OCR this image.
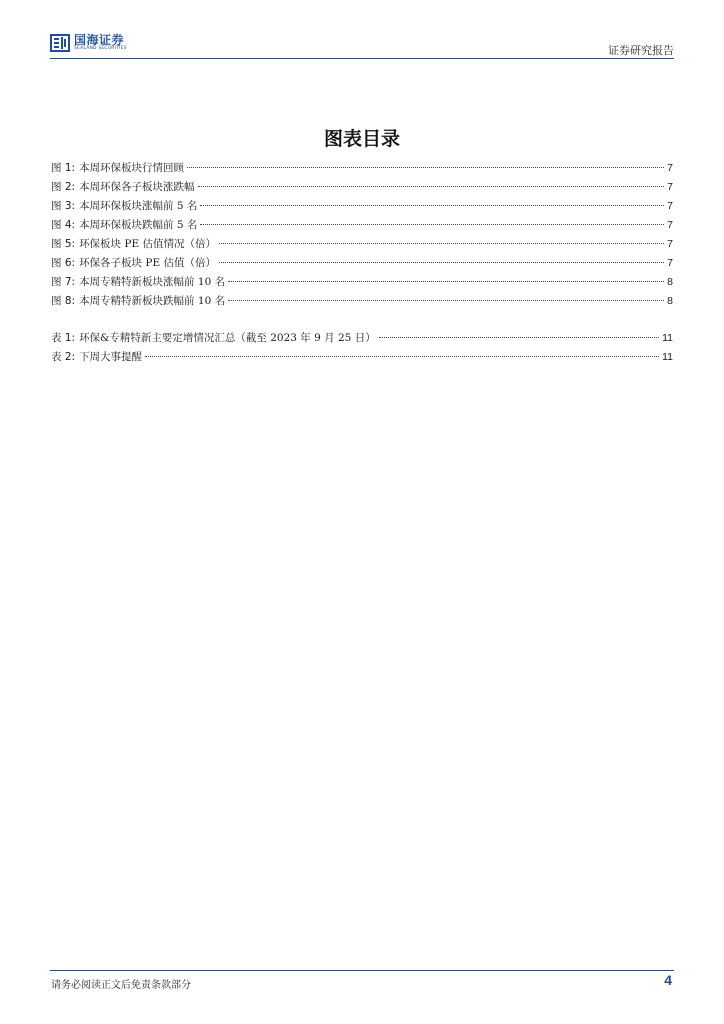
国海证券
SEALAND SECURITIES	证券研究报告
图表目录
图 1: 本周环保板块行情回顾	7
图 2: 本周环保各子板块涨跌幅	7
图 3: 本周环保板块涨幅前 5 名	7
图 4: 本周环保板块跌幅前 5 名	7
图 5: 环保板块 PE 估值情况（倍）	7
图 6: 环保各子板块 PE 估值（倍）	7
图 7: 本周专精特新板块涨幅前 10 名	8
图 8: 本周专精特新板块跌幅前 10 名	8
表 1: 环保&专精特新主要定增情况汇总（截至 2023 年 9 月 25 日）	11
表 2: 下周大事提醒	11
请务必阅读正文后免责条款部分	4
